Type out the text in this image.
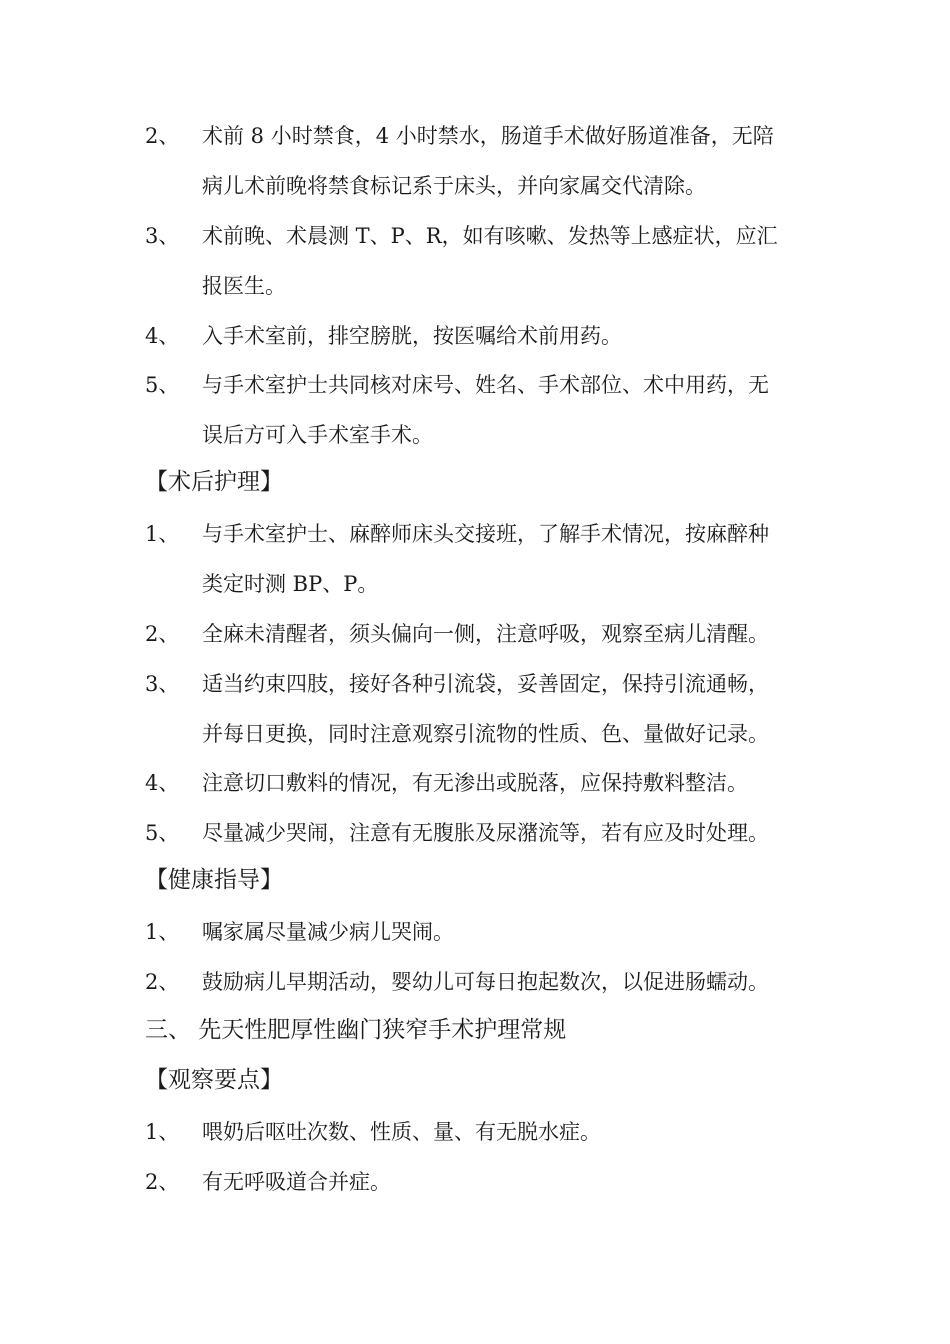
2、 术前 8 小时禁食，4 小时禁水，肠道手术做好肠道准备，无陪
病儿术前晚将禁食标记系于床头，并向家属交代清除。
3、 术前晚、术晨测 T、P、R，如有咳嗽、发热等上感症状，应汇
报医生。
4、 入手术室前，排空膀胱，按医嘱给术前用药。
5、 与手术室护士共同核对床号、姓名、手术部位、术中用药，无
误后方可入手术室手术。
【术后护理】
1、 与手术室护士、麻醉师床头交接班，了解手术情况，按麻醉种
类定时测 BP、P。
2、 全麻未清醒者，须头偏向一侧，注意呼吸，观察至病儿清醒。
3、 适当约束四肢，接好各种引流袋，妥善固定，保持引流通畅，
并每日更换，同时注意观察引流物的性质、色、量做好记录。
4、 注意切口敷料的情况，有无渗出或脱落，应保持敷料整洁。
5、 尽量减少哭闹，注意有无腹胀及尿潴流等，若有应及时处理。
【健康指导】
1、 嘱家属尽量减少病儿哭闹。
2、 鼓励病儿早期活动，婴幼儿可每日抱起数次，以促进肠蠕动。
三、 先天性肥厚性幽门狭窄手术护理常规
【观察要点】
1、 喂奶后呕吐次数、性质、量、有无脱水症。
2、 有无呼吸道合并症。
